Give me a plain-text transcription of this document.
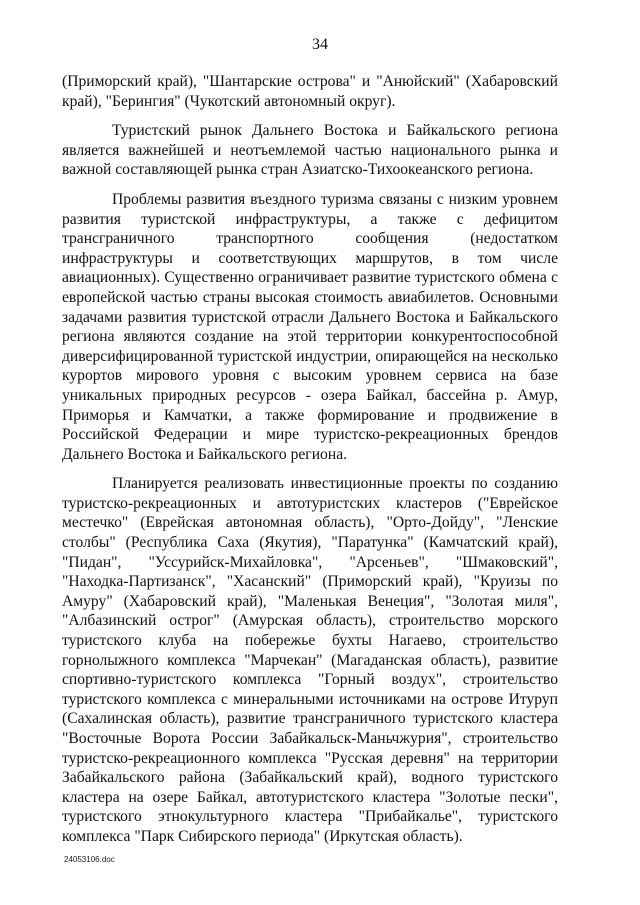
34

(Приморский край), "Шантарские острова" и "Анюйский" (Хабаровский край), "Берингия" (Чукотский автономный округ).

Туристский рынок Дальнего Востока и Байкальского региона является важнейшей и неотъемлемой частью национального рынка и важной составляющей рынка стран Азиатско-Тихоокеанского региона.

Проблемы развития въездного туризма связаны с низким уровнем развития туристской инфраструктуры, а также с дефицитом трансграничного транспортного сообщения (недостатком инфраструктуры и соответствующих маршрутов, в том числе авиационных). Существенно ограничивает развитие туристского обмена с европейской частью страны высокая стоимость авиабилетов. Основными задачами развития туристской отрасли Дальнего Востока и Байкальского региона являются создание на этой территории конкурентоспособной диверсифицированной туристской индустрии, опирающейся на несколько курортов мирового уровня с высоким уровнем сервиса на базе уникальных природных ресурсов - озера Байкал, бассейна р. Амур, Приморья и Камчатки, а также формирование и продвижение в Российской Федерации и мире туристско-рекреационных брендов Дальнего Востока и Байкальского региона.

Планируется реализовать инвестиционные проекты по созданию туристско-рекреационных и автотуристских кластеров ("Еврейское местечко" (Еврейская автономная область), "Орто-Дойду", "Ленские столбы" (Республика Саха (Якутия), "Паратунка" (Камчатский край), "Пидан", "Уссурийск-Михайловка", "Арсеньев", "Шмаковский", "Находка-Партизанск", "Хасанский" (Приморский край), "Круизы по Амуру" (Хабаровский край), "Маленькая Венеция", "Золотая миля", "Албазинский острог" (Амурская область), строительство морского туристского клуба на побережье бухты Нагаево, строительство горнолыжного комплекса "Марчекан" (Магаданская область), развитие спортивно-туристского комплекса "Горный воздух", строительство туристского комплекса с минеральными источниками на острове Итуруп (Сахалинская область), развитие трансграничного туристского кластера "Восточные Ворота России Забайкальск-Маньчжурия", строительство туристско-рекреационного комплекса "Русская деревня" на территории Забайкальского района (Забайкальский край), водного туристского кластера на озере Байкал, автотуристского кластера "Золотые пески", туристского этнокультурного кластера "Прибайкалье", туристского комплекса "Парк Сибирского периода" (Иркутская область).

24053106.doc
